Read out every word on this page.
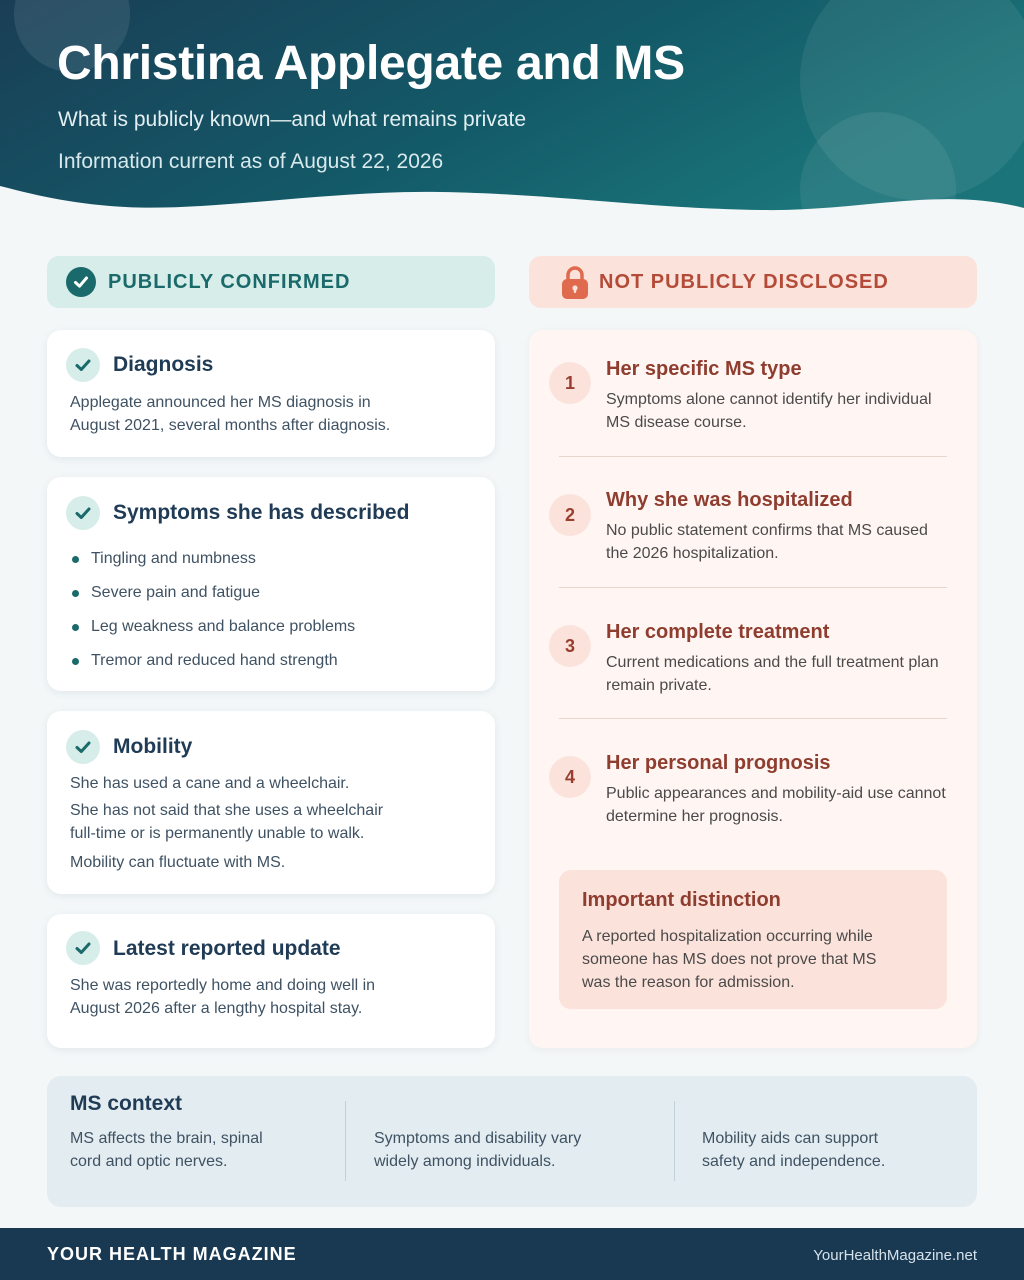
Christina Applegate and MS
What is publicly known—and what remains private
Information current as of August 22, 2026
PUBLICLY CONFIRMED	NOT PUBLICLY DISCLOSED
Diagnosis
Applegate announced her MS diagnosis in August 2021, several months after diagnosis.
Symptoms she has described
Tingling and numbness
Severe pain and fatigue
Leg weakness and balance problems
Tremor and reduced hand strength
Mobility
She has used a cane and a wheelchair.
She has not said that she uses a wheelchair full-time or is permanently unable to walk.
Mobility can fluctuate with MS.
Latest reported update
She was reportedly home and doing well in August 2026 after a lengthy hospital stay.
1
Her specific MS type
Symptoms alone cannot identify her individual MS disease course.
2
Why she was hospitalized
No public statement confirms that MS caused the 2026 hospitalization.
3
Her complete treatment
Current medications and the full treatment plan remain private.
4
Her personal prognosis
Public appearances and mobility-aid use cannot determine her prognosis.
Important distinction
A reported hospitalization occurring while someone has MS does not prove that MS was the reason for admission.
MS context
MS affects the brain, spinal cord and optic nerves.
Symptoms and disability vary widely among individuals.
Mobility aids can support safety and independence.
YOUR HEALTH MAGAZINE	YourHealthMagazine.net
